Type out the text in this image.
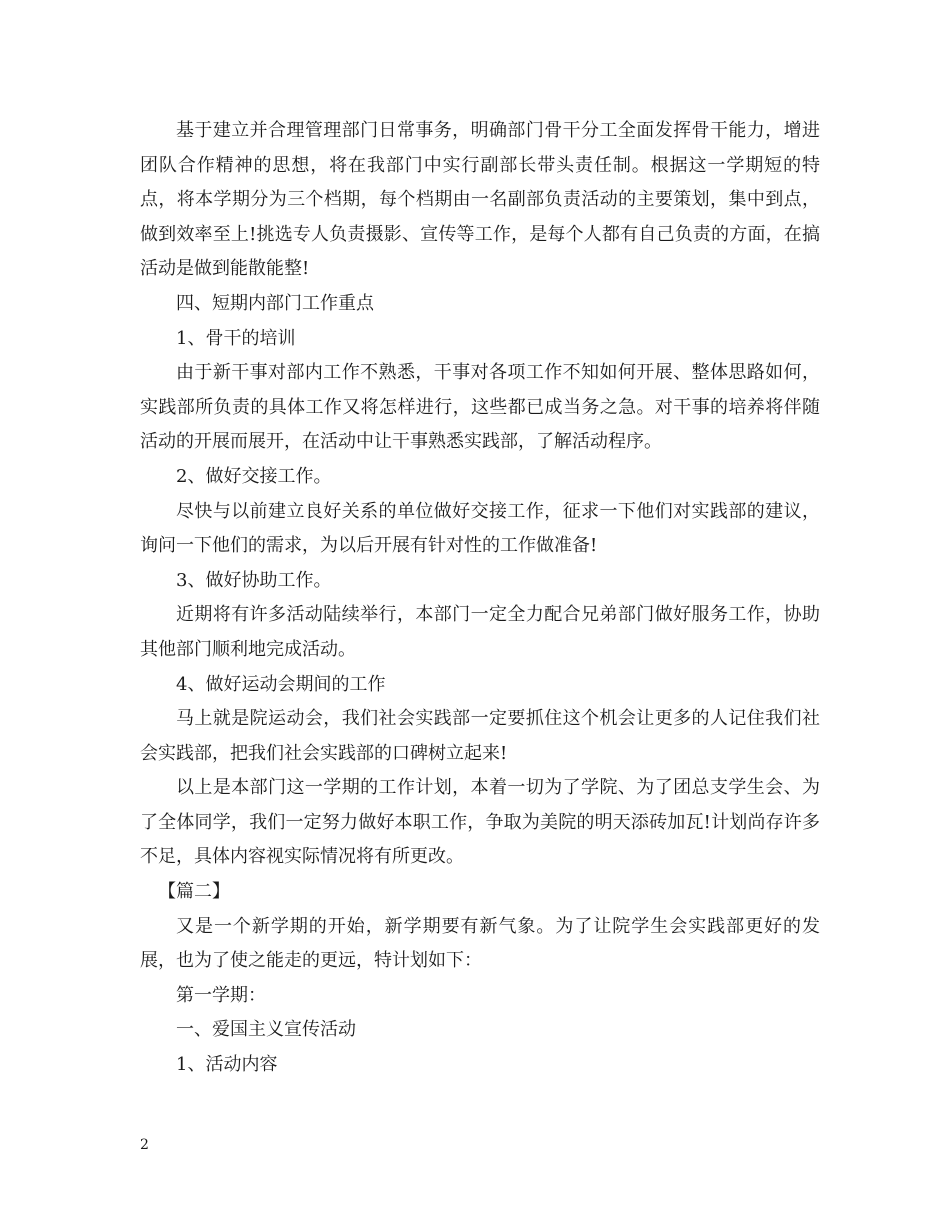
基于建立并合理管理部门日常事务，明确部门骨干分工全面发挥骨干能力，增进团队合作精神的思想，将在我部门中实行副部长带头责任制。根据这一学期短的特点，将本学期分为三个档期，每个档期由一名副部负责活动的主要策划，集中到点，做到效率至上!挑选专人负责摄影、宣传等工作，是每个人都有自己负责的方面，在搞活动是做到能散能整!

四、短期内部门工作重点

1、骨干的培训

由于新干事对部内工作不熟悉，干事对各项工作不知如何开展、整体思路如何，实践部所负责的具体工作又将怎样进行，这些都已成当务之急。对干事的培养将伴随活动的开展而展开，在活动中让干事熟悉实践部，了解活动程序。

2、做好交接工作。

尽快与以前建立良好关系的单位做好交接工作，征求一下他们对实践部的建议，询问一下他们的需求，为以后开展有针对性的工作做准备!

3、做好协助工作。

近期将有许多活动陆续举行，本部门一定全力配合兄弟部门做好服务工作，协助其他部门顺利地完成活动。

4、做好运动会期间的工作

马上就是院运动会，我们社会实践部一定要抓住这个机会让更多的人记住我们社会实践部，把我们社会实践部的口碑树立起来!

以上是本部门这一学期的工作计划，本着一切为了学院、为了团总支学生会、为了全体同学，我们一定努力做好本职工作，争取为美院的明天添砖加瓦!计划尚存许多不足，具体内容视实际情况将有所更改。

【篇二】

又是一个新学期的开始，新学期要有新气象。为了让院学生会实践部更好的发展，也为了使之能走的更远，特计划如下：

第一学期：

一、爱国主义宣传活动

1、活动内容

2
